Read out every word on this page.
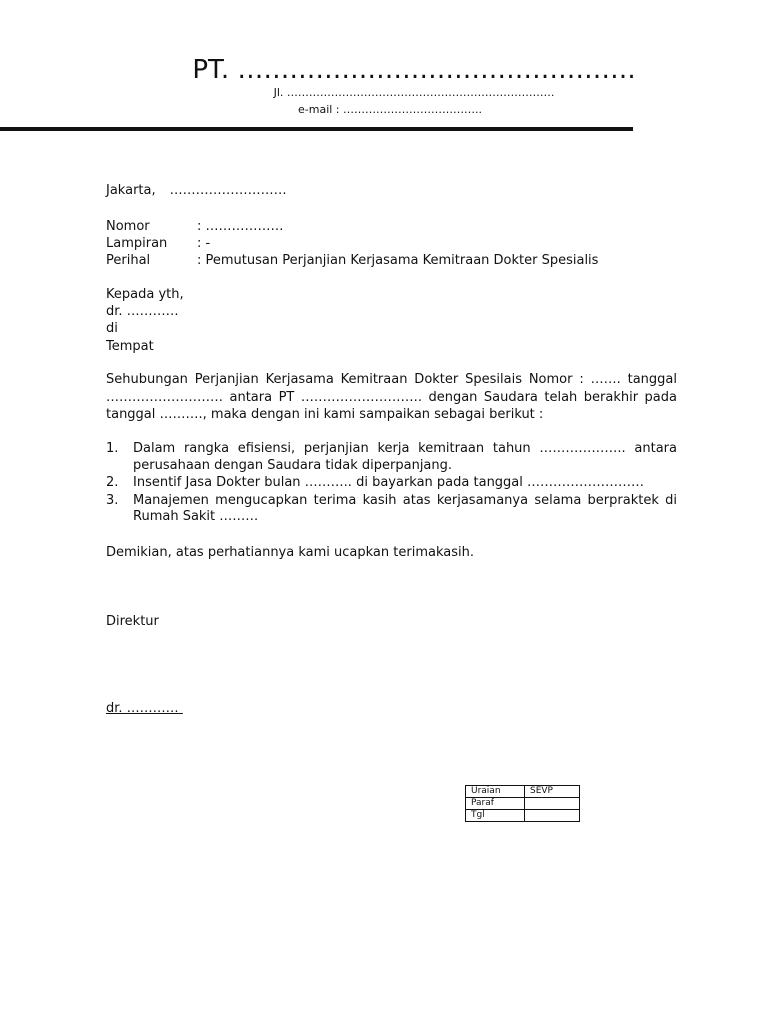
PT. ……………………………………….
Jl. ……………………………………………………………….
e-mail : ………………………………..
Jakarta, ………………………
Nomor	: ………………
Lampiran : -
Perihal	: Pemutusan Perjanjian Kerjasama Kemitraan Dokter Spesialis
Kepada yth,
dr. …………
di
Tempat
Sehubungan Perjanjian Kerjasama Kemitraan Dokter Spesilais Nomor : ……. tanggal ……………………… antara PT ………………………. dengan Saudara telah berakhir pada tanggal ………., maka dengan ini kami sampaikan sebagai berikut :
1. Dalam rangka efisiensi, perjanjian kerja kemitraan tahun ……………….. antara perusahaan dengan Saudara tidak diperpanjang.
2. Insentif Jasa Dokter bulan ……….. di bayarkan pada tanggal ………………………
3. Manajemen mengucapkan terima kasih atas kerjasamanya selama berpraktek di Rumah Sakit ………
Demikian, atas perhatiannya kami ucapkan terimakasih.
Direktur
dr. …………
Uraian	SEVP
Paraf	
Tgl	
